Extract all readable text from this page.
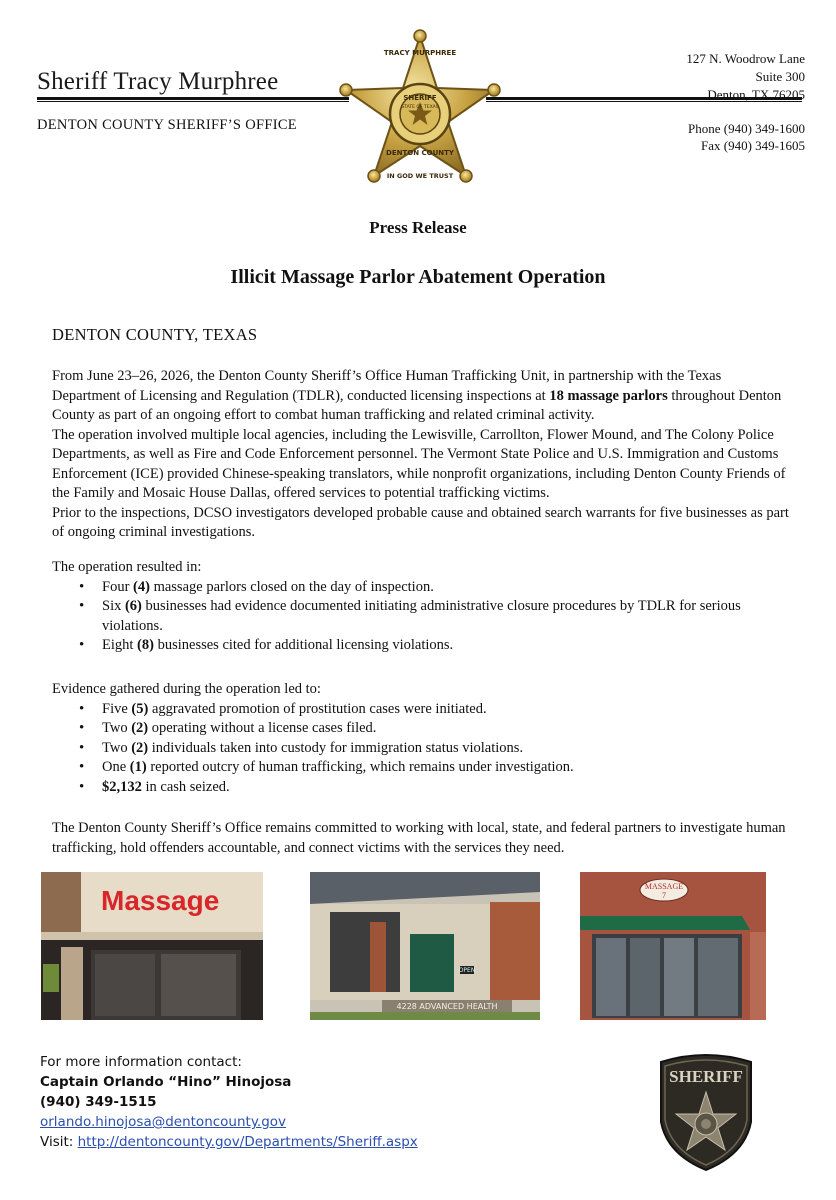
Sheriff Tracy Murphree
DENTON COUNTY SHERIFF’S OFFICE
127 N. Woodrow Lane
Suite 300
Denton, TX 76205
Phone (940) 349-1600
Fax (940) 349-1605
TRACY MURPHREE
SHERIFF
STATE OF TEXAS
DENTON COUNTY
IN GOD WE TRUST
Press Release
Illicit Massage Parlor Abatement Operation
DENTON COUNTY, TEXAS
From June 23–26, 2026, the Denton County Sheriff’s Office Human Trafficking Unit, in partnership with the Texas Department of Licensing and Regulation (TDLR), conducted licensing inspections at 18 massage parlors throughout Denton County as part of an ongoing effort to combat human trafficking and related criminal activity.
The operation involved multiple local agencies, including the Lewisville, Carrollton, Flower Mound, and The Colony Police Departments, as well as Fire and Code Enforcement personnel. The Vermont State Police and U.S. Immigration and Customs Enforcement (ICE) provided Chinese-speaking translators, while nonprofit organizations, including Denton County Friends of the Family and Mosaic House Dallas, offered services to potential trafficking victims.
Prior to the inspections, DCSO investigators developed probable cause and obtained search warrants for five businesses as part of ongoing criminal investigations.
The operation resulted in:
• Four (4) massage parlors closed on the day of inspection.
• Six (6) businesses had evidence documented initiating administrative closure procedures by TDLR for serious violations.
• Eight (8) businesses cited for additional licensing violations.
Evidence gathered during the operation led to:
• Five (5) aggravated promotion of prostitution cases were initiated.
• Two (2) operating without a license cases filed.
• Two (2) individuals taken into custody for immigration status violations.
• One (1) reported outcry of human trafficking, which remains under investigation.
• $2,132 in cash seized.
The Denton County Sheriff’s Office remains committed to working with local, state, and federal partners to investigate human trafficking, hold offenders accountable, and connect victims with the services they need.
Massage
OPEN
4228 ADVANCED HEALTH
MASSAGE
7
For more information contact:
Captain Orlando “Hino” Hinojosa
(940) 349-1515
orlando.hinojosa@dentoncounty.gov
Visit: http://dentoncounty.gov/Departments/Sheriff.aspx
SHERIFF
